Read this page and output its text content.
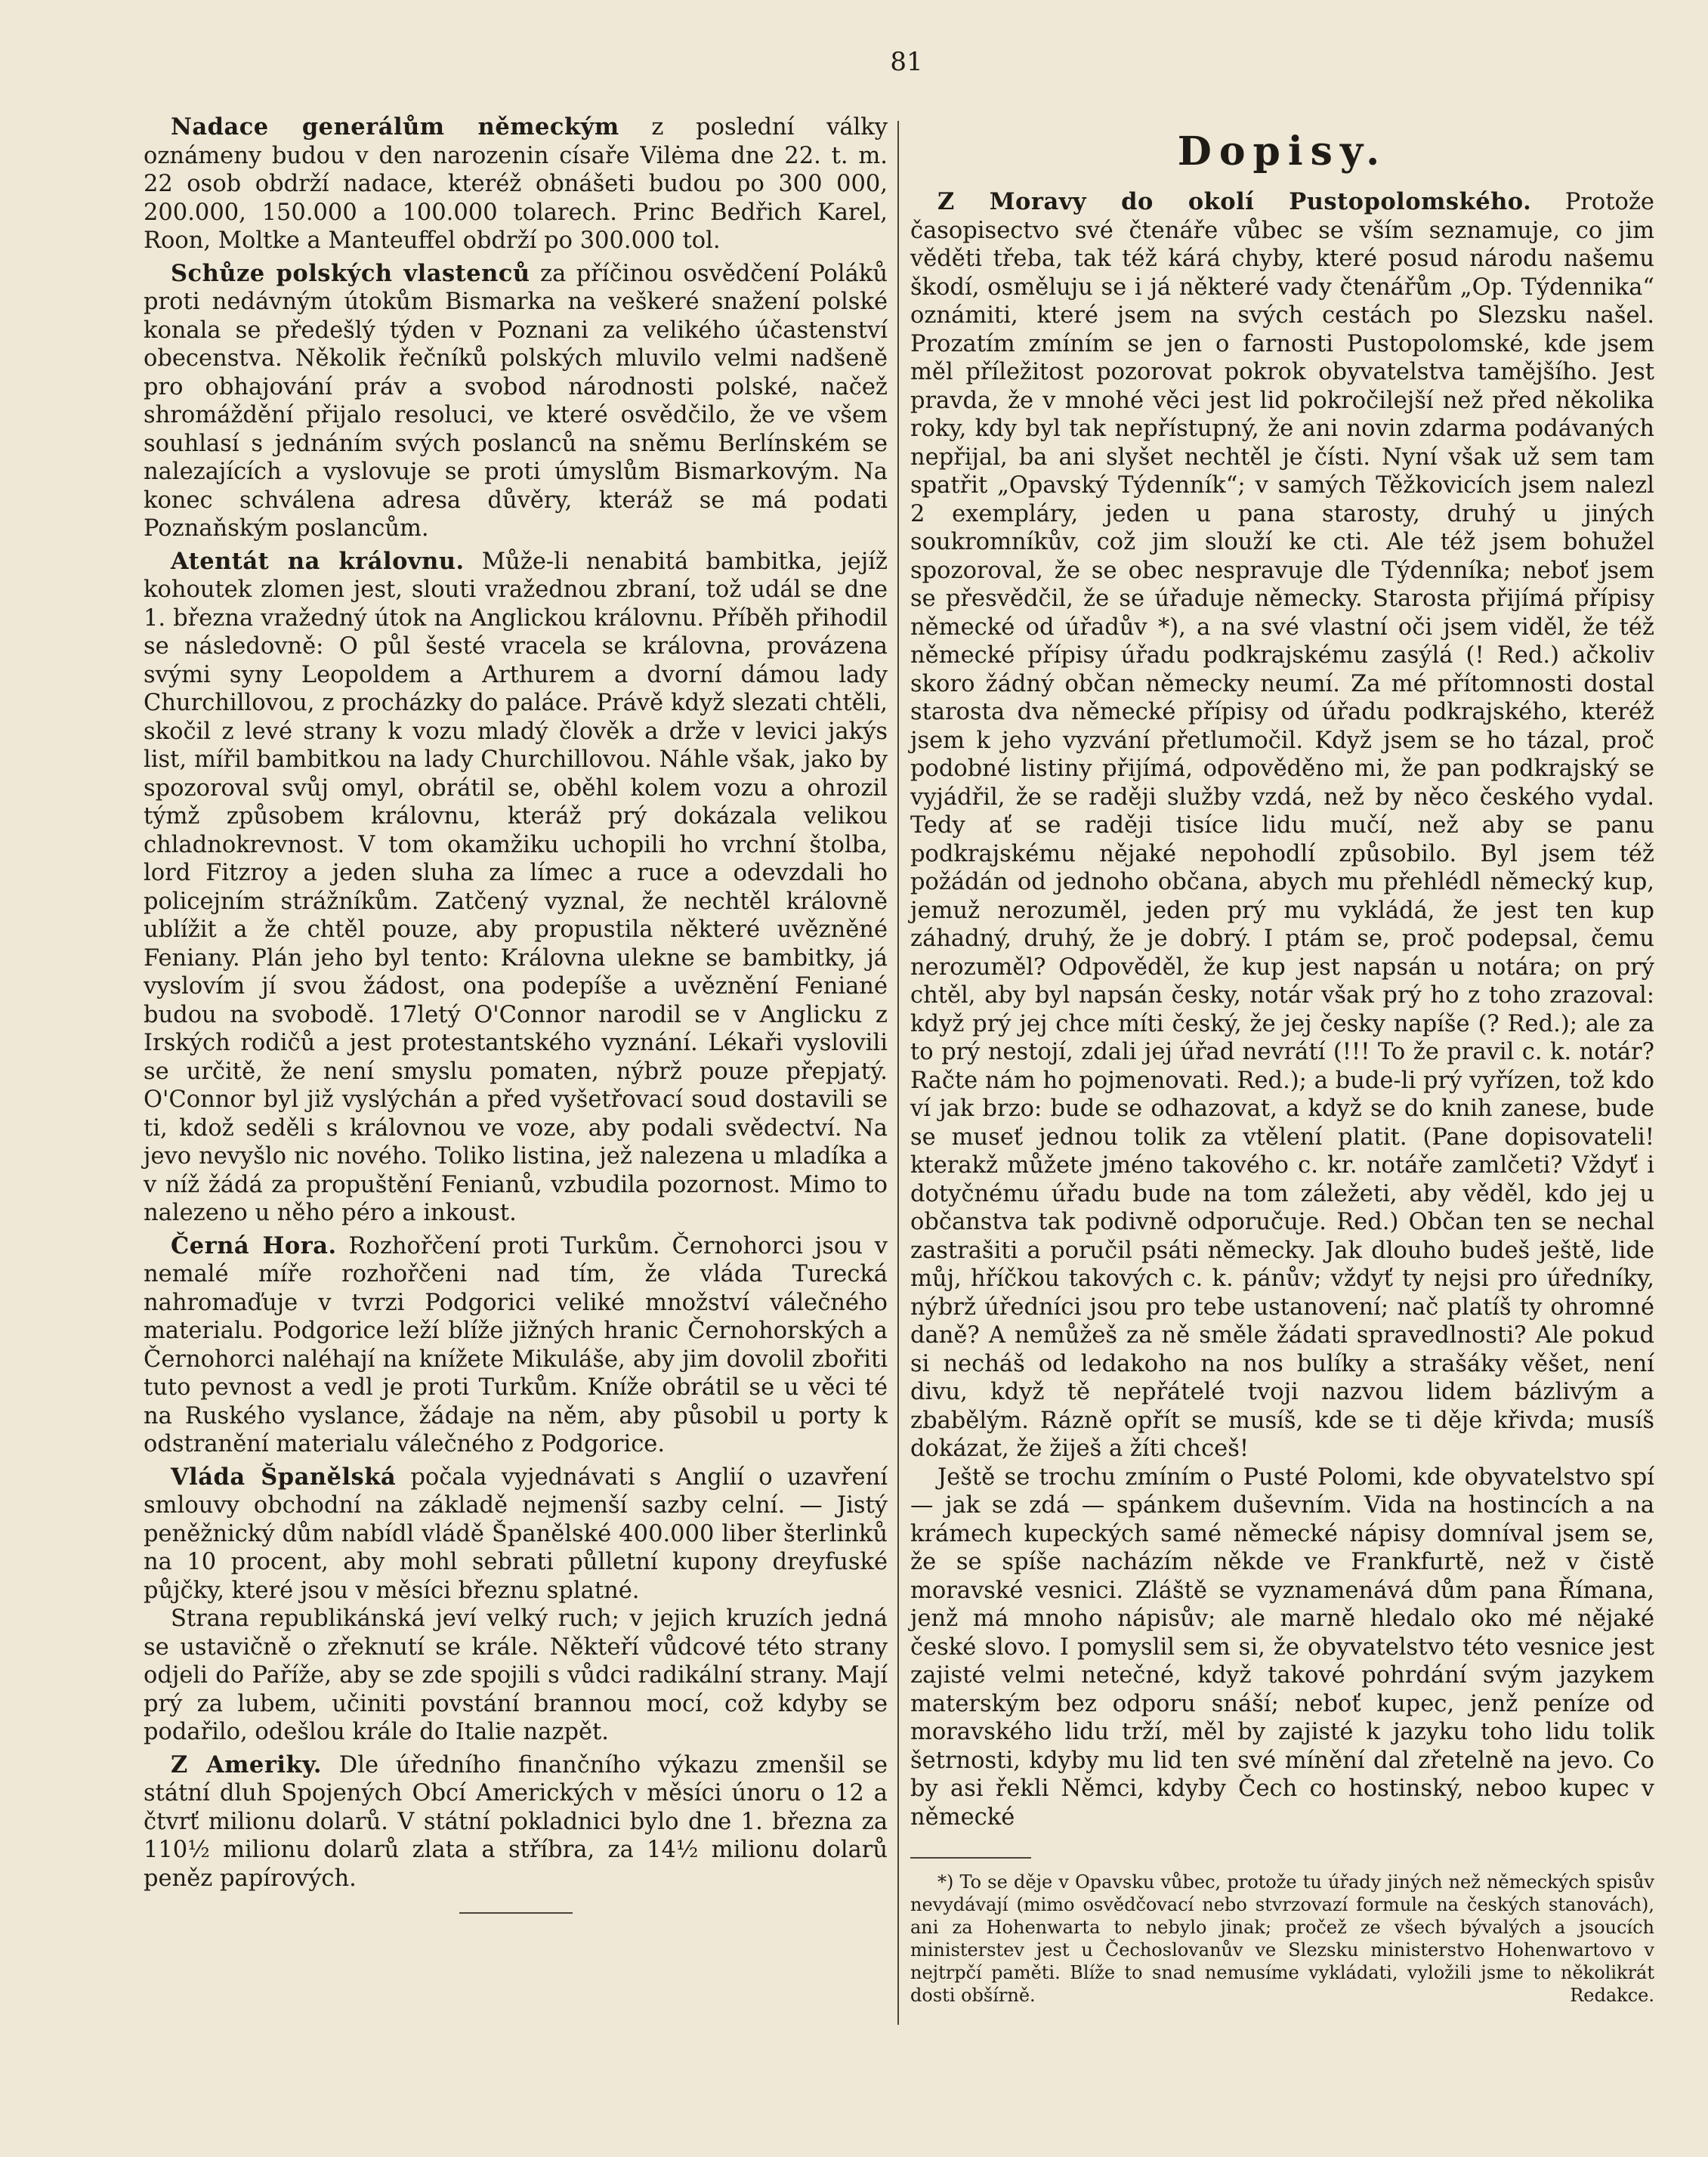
81

Nadace generálům německým z poslední války oznámeny budou v den narozenin císaře Vilėma dne 22. t. m. 22 osob obdrží nadace, kteréž obnášeti budou po 300 000, 200.000, 150.000 a 100.000 tolarech. Princ Bedřich Karel, Roon, Moltke a Manteuffel obdrží po 300.000 tol.

Schůze polských vlastenců za příčinou osvědčení Poláků proti nedávným útokům Bismarka na veškeré snažení polské konala se předešlý týden v Poznani za velikého účastenství obecenstva. Několik řečníků polských mluvilo velmi nadšeně pro obhajování práv a svobod národnosti polské, načež shromáždění přijalo resoluci, ve které osvědčilo, že ve všem souhlasí s jednáním svých poslanců na sněmu Berlínském se nalezajících a vyslovuje se proti úmyslům Bismarkovým. Na konec schválena adresa důvěry, kteráž se má podati Poznaňským poslancům.

Atentát na královnu. Může-li nenabitá bambitka, jejíž kohoutek zlomen jest, slouti vražednou zbraní, tož udál se dne 1. března vražedný útok na Anglickou královnu. Příběh přihodil se následovně: O půl šesté vracela se královna, provázena svými syny Leopoldem a Arthurem a dvorní dámou lady Churchillovou, z procházky do paláce. Právě když slezati chtěli, skočil z levé strany k vozu mladý člověk a drže v levici jakýs list, mířil bambitkou na lady Churchillovou. Náhle však, jako by spozoroval svůj omyl, obrátil se, oběhl kolem vozu a ohrozil týmž způsobem královnu, kteráž prý dokázala velikou chladnokrevnost. V tom okamžiku uchopili ho vrchní štolba, lord Fitzroy a jeden sluha za límec a ruce a odevzdali ho policejním strážníkům. Zatčený vyznal, že nechtěl královně ublížit a že chtěl pouze, aby propustila některé uvězněné Feniany. Plán jeho byl tento: Královna ulekne se bambitky, já vyslovím jí svou žádost, ona podepíše a uvěznění Feniané budou na svobodě. 17letý O'Connor narodil se v Anglicku z Irských rodičů a jest protestantského vyznání. Lékaři vyslovili se určitě, že není smyslu pomaten, nýbrž pouze přepjatý. O'Connor byl již vyslýchán a před vyšetřovací soud dostavili se ti, kdož seděli s královnou ve voze, aby podali svědectví. Na jevo nevyšlo nic nového. Toliko listina, jež nalezena u mladíka a v níž žádá za propuštění Fenianů, vzbudila pozornost. Mimo to nalezeno u něho péro a inkoust.

Černá Hora. Rozhořčení proti Turkům. Černohorci jsou v nemalé míře rozhořčeni nad tím, že vláda Turecká nahromaďuje v tvrzi Podgorici veliké množství válečného materialu. Podgorice leží blíže jižných hranic Černohorských a Černohorci naléhají na knížete Mikuláše, aby jim dovolil zbořiti tuto pevnost a vedl je proti Turkům. Kníže obrátil se u věci té na Ruského vyslance, žádaje na něm, aby působil u porty k odstranění materialu válečného z Podgorice.

Vláda Španělská počala vyjednávati s Anglií o uzavření smlouvy obchodní na základě nejmenší sazby celní. — Jistý peněžnický dům nabídl vládě Španělské 400.000 liber šterlinků na 10 procent, aby mohl sebrati půlletní kupony dreyfuské půjčky, které jsou v měsíci březnu splatné.

Strana republikánská jeví velký ruch; v jejich kruzích jedná se ustavičně o zřeknutí se krále. Někteří vůdcové této strany odjeli do Paříže, aby se zde spojili s vůdci radikální strany. Mají prý za lubem, učiniti povstání brannou mocí, což kdyby se podařilo, odešlou krále do Italie nazpět.

Z Ameriky. Dle úředního finančního výkazu zmenšil se státní dluh Spojených Obcí Amerických v měsíci únoru o 12 a čtvrť milionu dolarů. V státní pokladnici bylo dne 1. března za 110½ milionu dolarů zlata a stříbra, za 14½ milionu dolarů peněz papírových.

Dopisy.

Z Moravy do okolí Pustopolomského. Protože časopisectvo své čtenáře vůbec se vším seznamuje, co jim věděti třeba, tak též kárá chyby, které posud národu našemu škodí, osměluju se i já některé vady čtenářům „Op. Týdennika“ oznámiti, které jsem na svých cestách po Slezsku našel. Prozatím zmíním se jen o farnosti Pustopolomské, kde jsem měl příležitost pozorovat pokrok obyvatelstva tamějšího. Jest pravda, že v mnohé věci jest lid pokročilejší než před několika roky, kdy byl tak nepřístupný, že ani novin zdarma podávaných nepřijal, ba ani slyšet nechtěl je čísti. Nyní však už sem tam spatřit „Opavský Týdenník“; v samých Těžkovicích jsem nalezl 2 exempláry, jeden u pana starosty, druhý u jiných soukromníkův, což jim slouží ke cti. Ale též jsem bohužel spozoroval, že se obec nespravuje dle Týdenníka; neboť jsem se přesvědčil, že se úřaduje německy. Starosta přijímá přípisy německé od úřadův *), a na své vlastní oči jsem viděl, že též německé přípisy úřadu podkrajskému zasýlá (! Red.) ačkoliv skoro žádný občan německy neumí. Za mé přítomnosti dostal starosta dva německé přípisy od úřadu podkrajského, kteréž jsem k jeho vyzvání přetlumočil. Když jsem se ho tázal, proč podobné listiny přijímá, odpověděno mi, že pan podkrajský se vyjádřil, že se raději služby vzdá, než by něco českého vydal. Tedy ať se raději tisíce lidu mučí, než aby se panu podkrajskému nějaké nepohodlí způsobilo. Byl jsem též požádán od jednoho občana, abych mu přehlédl německý kup, jemuž nerozuměl, jeden prý mu vykládá, že jest ten kup záhadný, druhý, že je dobrý. I ptám se, proč podepsal, čemu nerozuměl? Odpověděl, že kup jest napsán u notára; on prý chtěl, aby byl napsán česky, notár však prý ho z toho zrazoval: když prý jej chce míti český, že jej česky napíše (? Red.); ale za to prý nestojí, zdali jej úřad nevrátí (!!! To že pravil c. k. notár? Račte nám ho pojmenovati. Red.); a bude-li prý vyřízen, tož kdo ví jak brzo: bude se odhazovat, a když se do knih zanese, bude se museť jednou tolik za vtělení platit. (Pane dopisovateli! kterakž můžete jméno takového c. kr. notáře zamlčeti? Vždyť i dotyčnému úřadu bude na tom záležeti, aby věděl, kdo jej u občanstva tak podivně odporučuje. Red.) Občan ten se nechal zastrašiti a poručil psáti německy. Jak dlouho budeš ještě, lide můj, hříčkou takových c. k. pánův; vždyť ty nejsi pro úředníky, nýbrž úředníci jsou pro tebe ustanovení; nač platíš ty ohromné daně? A nemůžeš za ně směle žádati spravedlnosti? Ale pokud si necháš od ledakoho na nos bulíky a strašáky věšet, není divu, když tě nepřátelé tvoji nazvou lidem bázlivým a zbabělým. Rázně opřít se musíš, kde se ti děje křivda; musíš dokázat, že žiješ a žíti chceš!

Ještě se trochu zmíním o Pusté Polomi, kde obyvatelstvo spí — jak se zdá — spánkem duševním. Vida na hostincích a na krámech kupeckých samé německé nápisy domníval jsem se, že se spíše nacházím někde ve Frankfurtě, než v čistě moravské vesnici. Zláště se vyznamenává dům pana Římana, jenž má mnoho nápisův; ale marně hledalo oko mé nějaké české slovo. I pomyslil sem si, že obyvatelstvo této vesnice jest zajisté velmi netečné, když takové pohrdání svým jazykem materským bez odporu snáší; neboť kupec, jenž peníze od moravského lidu trží, měl by zajisté k jazyku toho lidu tolik šetrnosti, kdyby mu lid ten své mínění dal zřetelně na jevo. Co by asi řekli Němci, kdyby Čech co hostinský, neboo kupec v německé

*) To se děje v Opavsku vůbec, protože tu úřady jiných než německých spisův nevydávají (mimo osvědčovací nebo stvrzovazí formule na českých stanovách), ani za Hohenwarta to nebylo jinak; pročež ze všech bývalých a jsoucích ministerstev jest u Čechoslovanův ve Slezsku ministerstvo Hohenwartovo v nejtrpčí paměti. Blíže to snad nemusíme vykládati, vyložili jsme to několikrát dosti obšírně.	Redakce.
